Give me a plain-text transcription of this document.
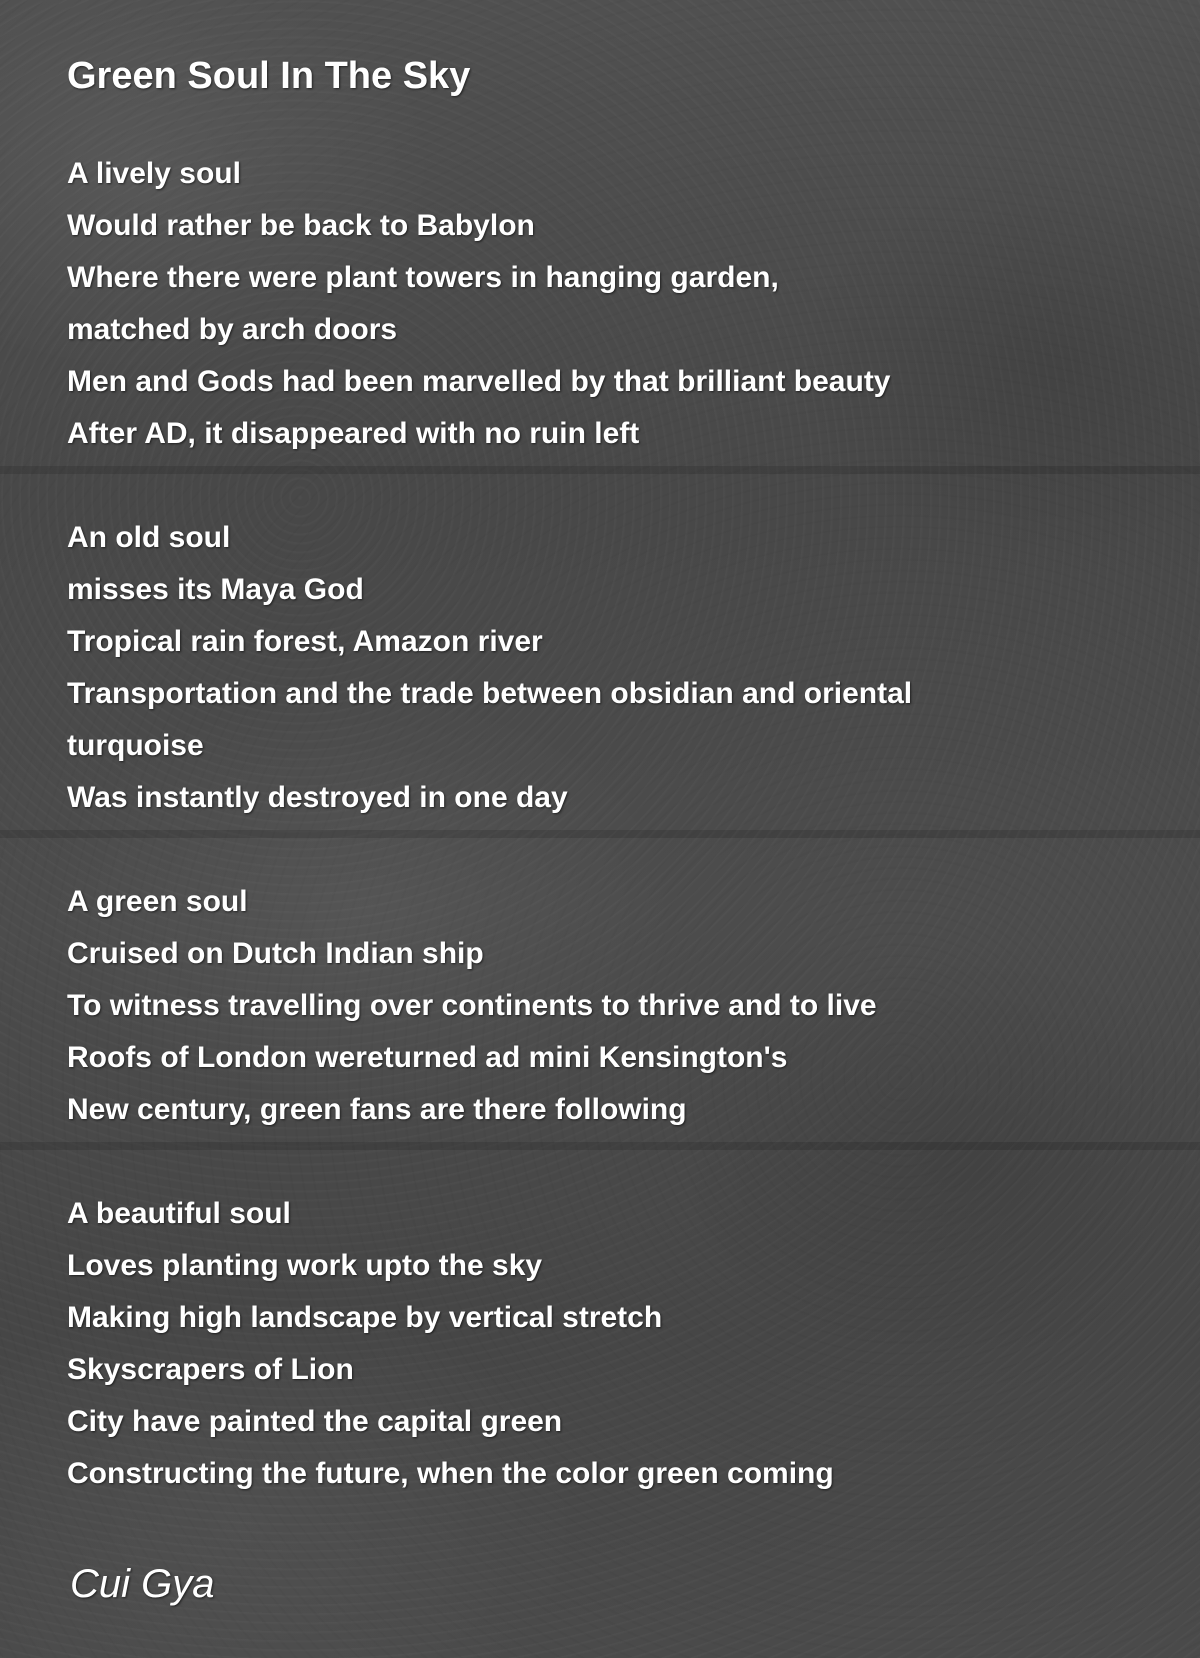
Green Soul In The Sky
A lively soul
Would rather be back to Babylon
Where there were plant towers in hanging garden,
matched by arch doors
Men and Gods had been marvelled by that brilliant beauty
After AD, it disappeared with no ruin left
An old soul
misses its Maya God
Tropical rain forest, Amazon river
Transportation and the trade between obsidian and oriental
turquoise
Was instantly destroyed in one day
A green soul
Cruised on Dutch Indian ship
To witness travelling over continents to thrive and to live
Roofs of London wereturned ad mini Kensington's
New century, green fans are there following
A beautiful soul
Loves planting work upto the sky
Making high landscape by vertical stretch
Skyscrapers of Lion
City have painted the capital green
Constructing the future, when the color green coming
Cui Gya
